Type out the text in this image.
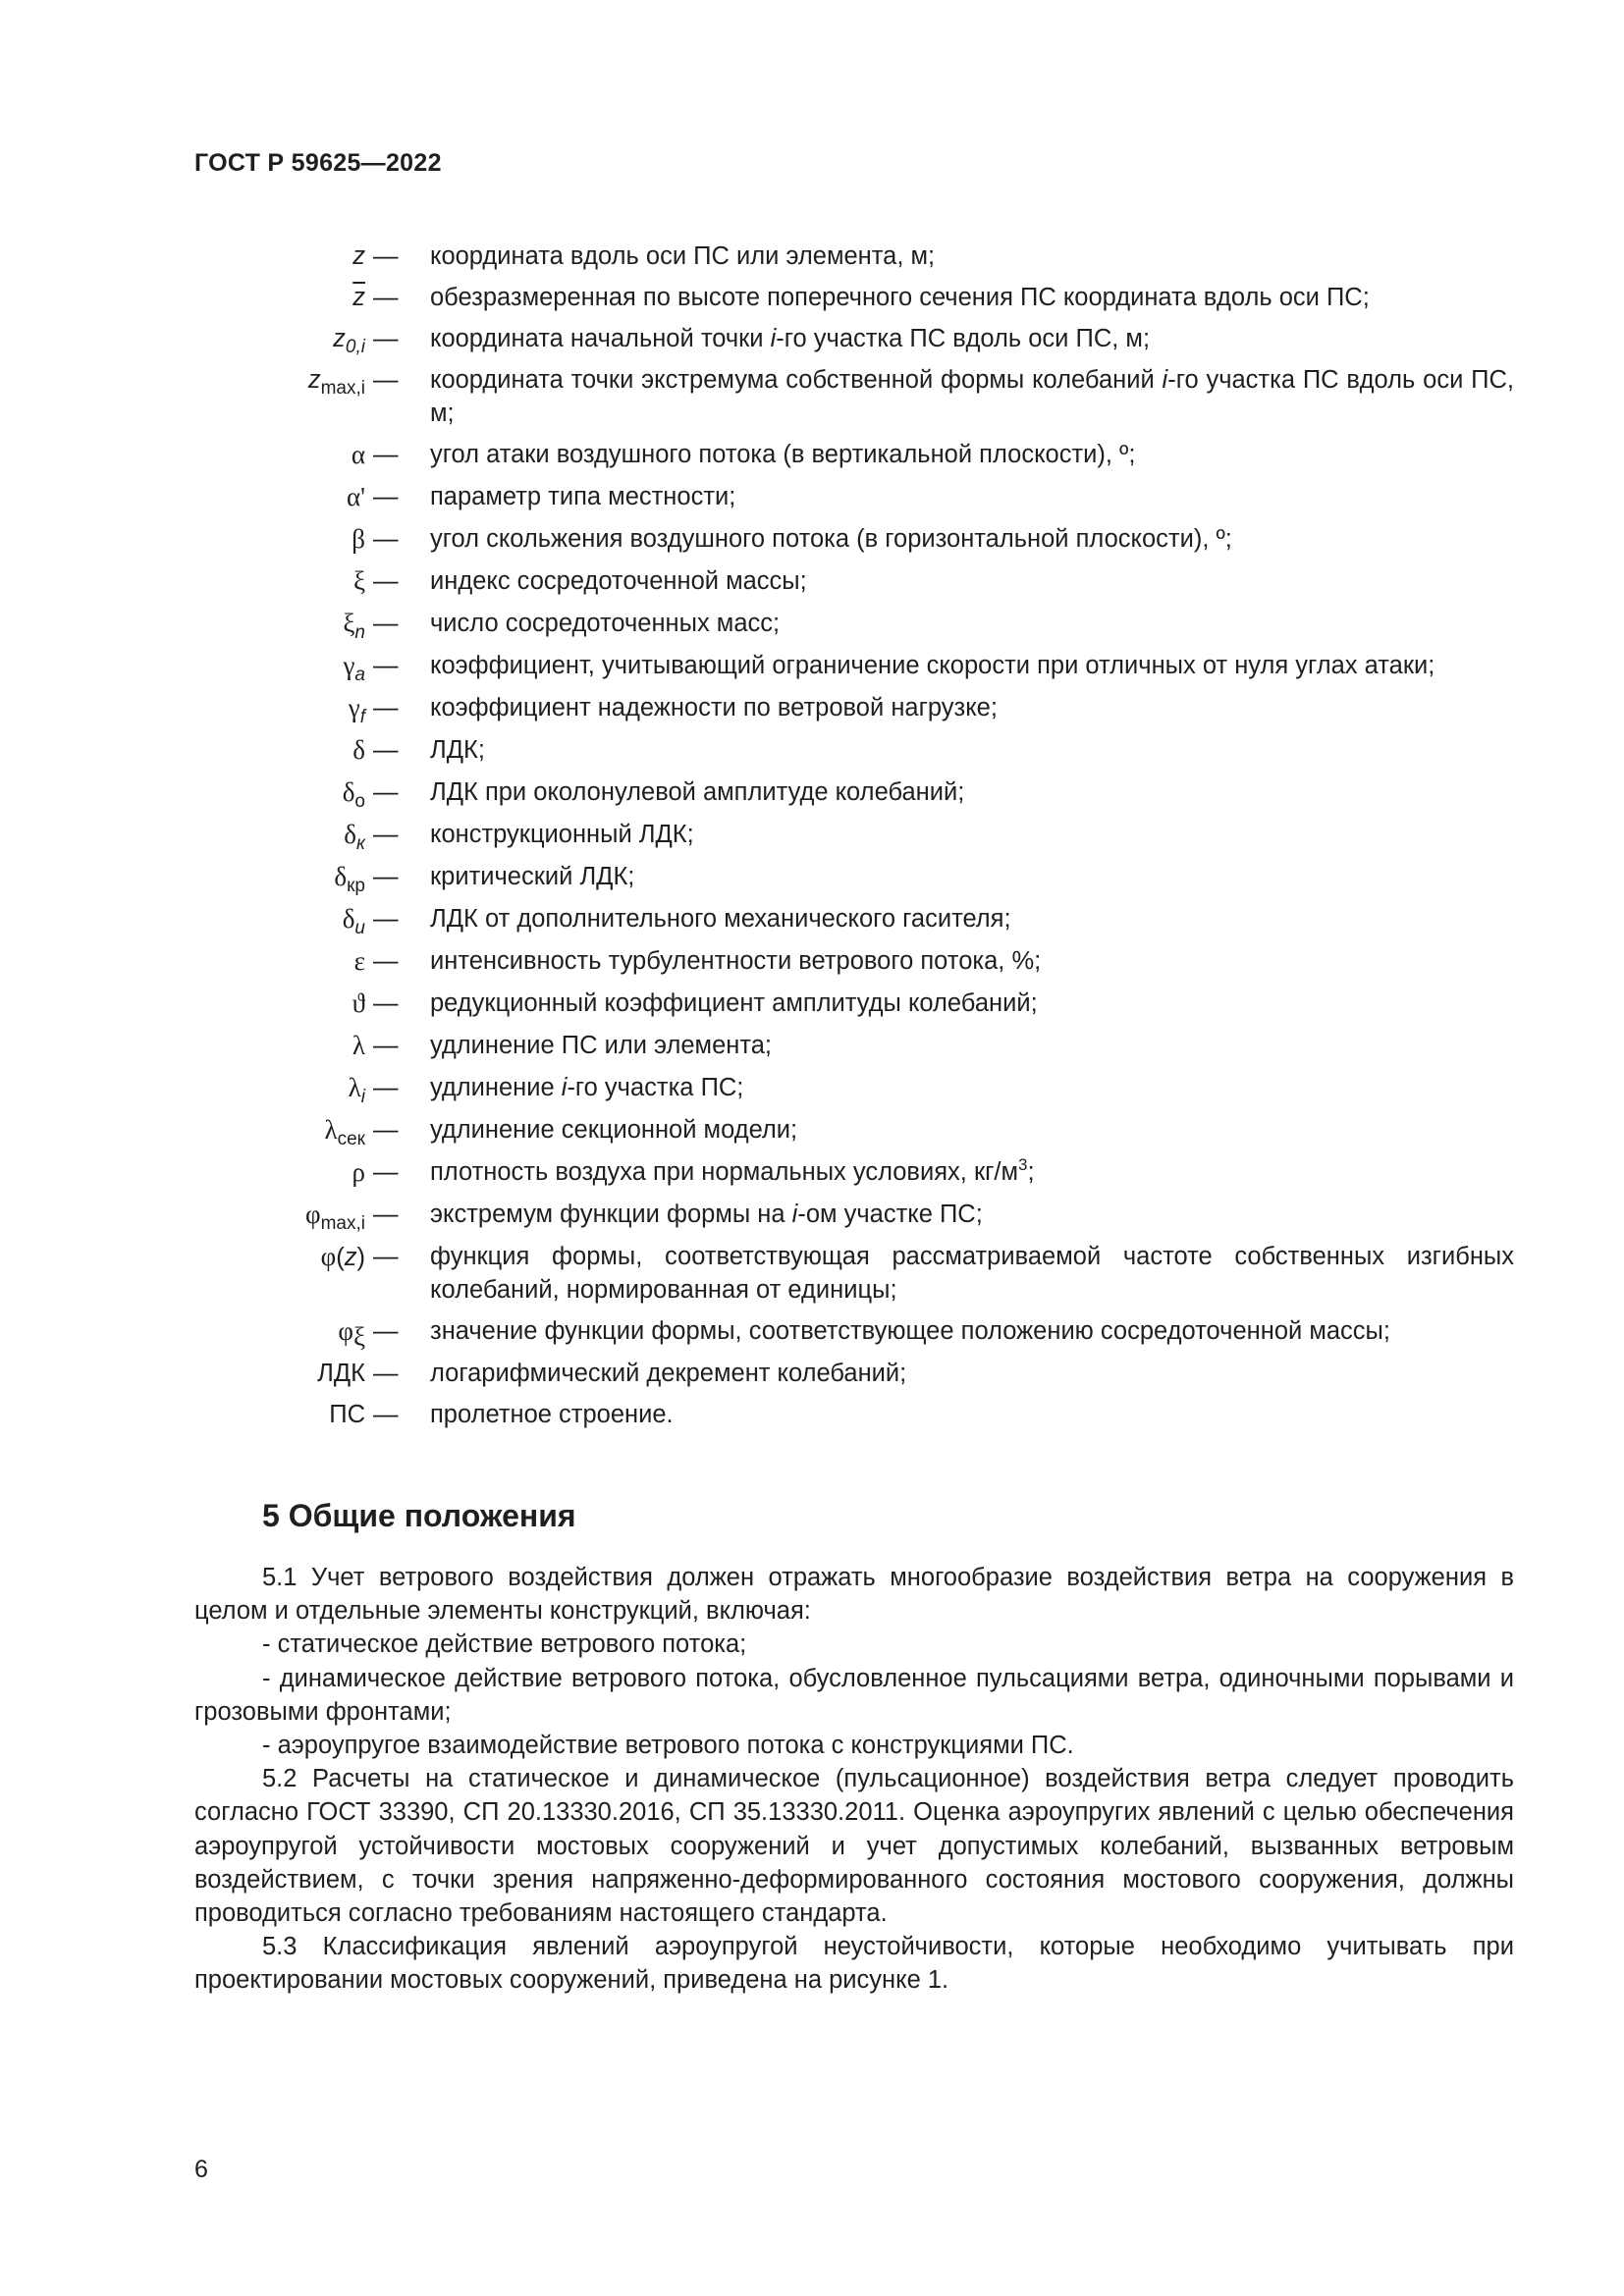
ГОСТ Р 59625—2022
z —	координата вдоль оси ПС или элемента, м;
$\overline{z}$ —	обезразмеренная по высоте поперечного сечения ПС координата вдоль оси ПС;
$z_{0,i}$ —	координата начальной точки i-го участка ПС вдоль оси ПС, м;
$z_{max,i}$ —	координата точки экстремума собственной формы колебаний i-го участка ПС вдоль оси ПС, м;
α —	угол атаки воздушного потока (в вертикальной плоскости), º;
α' —	параметр типа местности;
β —	угол скольжения воздушного потока (в горизонтальной плоскости), º;
ξ —	индекс сосредоточенной массы;
$\xi_n$ —	число сосредоточенных масс;
$\gamma_a$ —	коэффициент, учитывающий ограничение скорости при отличных от нуля углах атаки;
$\gamma_f$ —	коэффициент надежности по ветровой нагрузке;
δ —	ЛДК;
$\delta_о$ —	ЛДК при околонулевой амплитуде колебаний;
$\delta_к$ —	конструкционный ЛДК;
$\delta_{кр}$ —	критический ЛДК;
$\delta_и$ —	ЛДК от дополнительного механического гасителя;
ε —	интенсивность турбулентности ветрового потока, %;
ϑ —	редукционный коэффициент амплитуды колебаний;
λ —	удлинение ПС или элемента;
$\lambda_i$ —	удлинение i-го участка ПС;
$\lambda_{сек}$ —	удлинение секционной модели;
ρ —	плотность воздуха при нормальных условиях, $кг/м^3$;
$\varphi_{max,i}$ —	экстремум функции формы на i-ом участке ПС;
φ(z) —	функция формы, соответствующая рассматриваемой частоте собственных изгибных колебаний, нормированная от единицы;
$\varphi_\xi$ —	значение функции формы, соответствующее положению сосредоточенной массы;
ЛДК —	логарифмический декремент колебаний;
ПС —	пролетное строение.
5 Общие положения

5.1 Учет ветрового воздействия должен отражать многообразие воздействия ветра на сооружения в целом и отдельные элементы конструкций, включая:

- статическое действие ветрового потока;

- динамическое действие ветрового потока, обусловленное пульсациями ветра, одиночными порывами и грозовыми фронтами;

- аэроупругое взаимодействие ветрового потока с конструкциями ПС.

5.2 Расчеты на статическое и динамическое (пульсационное) воздействия ветра следует проводить согласно ГОСТ 33390, СП 20.13330.2016, СП 35.13330.2011. Оценка аэроупругих явлений с целью обеспечения аэроупругой устойчивости мостовых сооружений и учет допустимых колебаний, вызванных ветровым воздействием, с точки зрения напряженно-деформированного состояния мостового сооружения, должны проводиться согласно требованиям настоящего стандарта.

5.3 Классификация явлений аэроупругой неустойчивости, которые необходимо учитывать при проектировании мостовых сооружений, приведена на рисунке 1.

6
